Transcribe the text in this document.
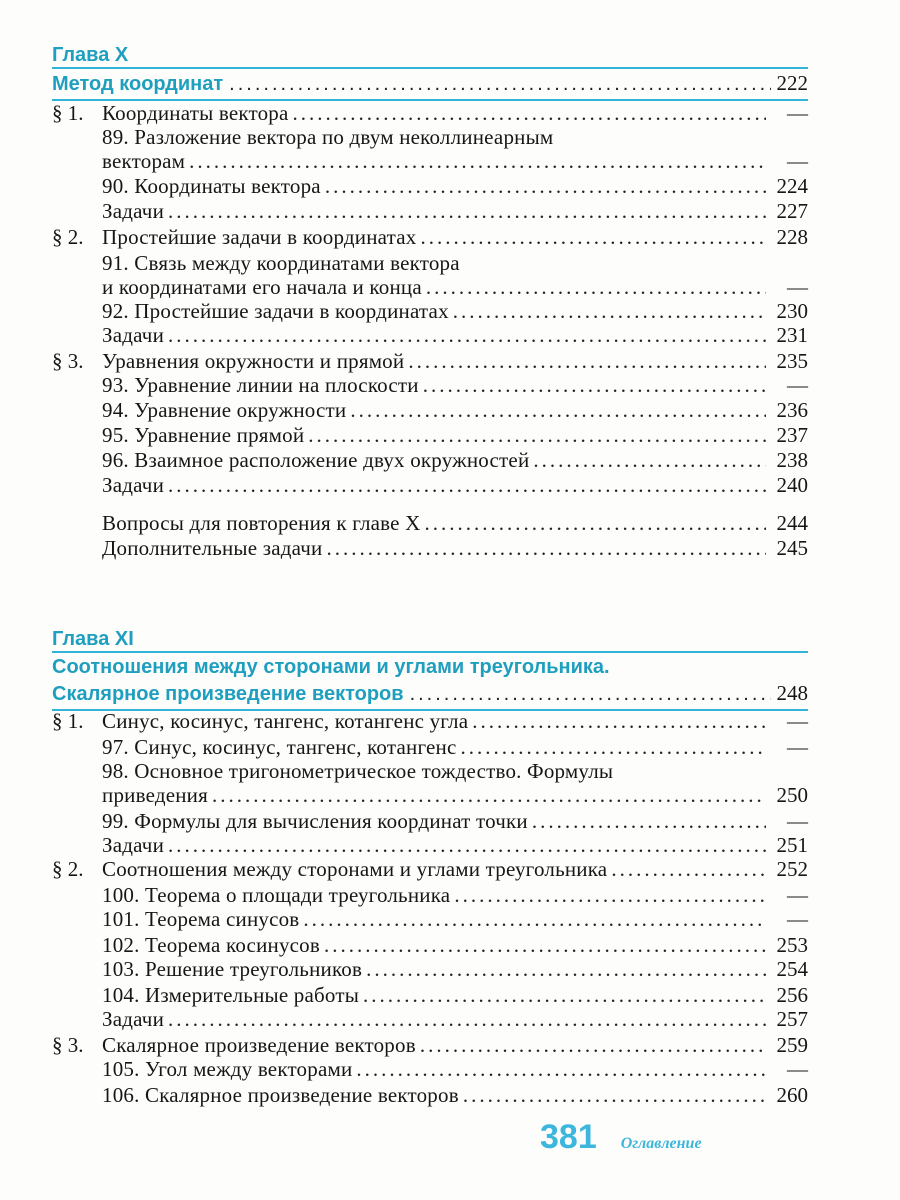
Глава X
Метод координат .....	222
§ 1. Координаты вектора .....	—
89. Разложение вектора по двум неколлинеарным
векторам .....	—
90. Координаты вектора .....	224
Задачи .....	227
§ 2. Простейшие задачи в координатах .....	228
91. Связь между координатами вектора
и координатами его начала и конца .....	—
92. Простейшие задачи в координатах .....	230
Задачи .....	231
§ 3. Уравнения окружности и прямой .....	235
93. Уравнение линии на плоскости .....	—
94. Уравнение окружности .....	236
95. Уравнение прямой .....	237
96. Взаимное расположение двух окружностей .....	238
Задачи .....	240
Вопросы для повторения к главе X .....	244
Дополнительные задачи .....	245
Глава XI
Соотношения между сторонами и углами треугольника.
Скалярное произведение векторов .....	248
§ 1. Синус, косинус, тангенс, котангенс угла .....	—
97. Синус, косинус, тангенс, котангенс .....	—
98. Основное тригонометрическое тождество. Формулы
приведения .....	250
99. Формулы для вычисления координат точки .....	—
Задачи .....	251
§ 2. Соотношения между сторонами и углами треугольника .....	252
100. Теорема о площади треугольника .....	—
101. Теорема синусов .....	—
102. Теорема косинусов .....	253
103. Решение треугольников .....	254
104. Измерительные работы .....	256
Задачи .....	257
§ 3. Скалярное произведение векторов .....	259
105. Угол между векторами .....	—
106. Скалярное произведение векторов .....	260
381 Оглавление
